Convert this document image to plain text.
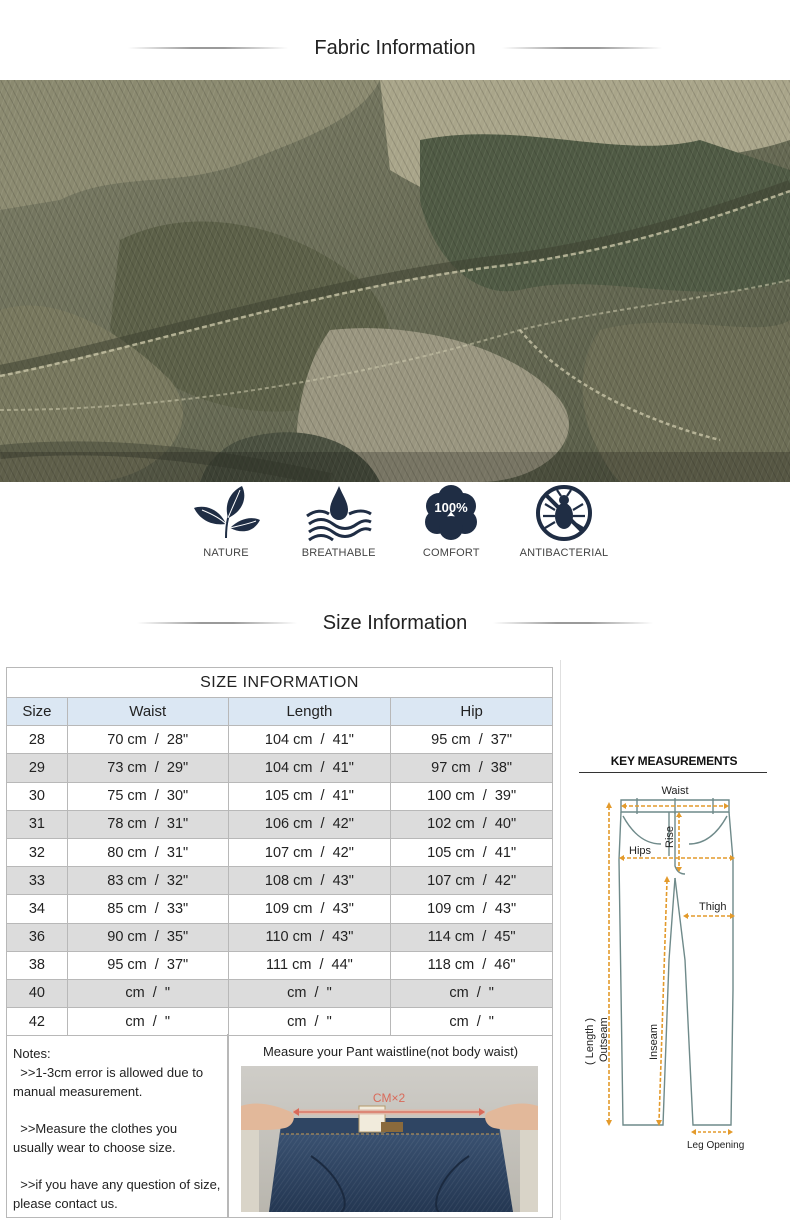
Fabric Information
NATURE	BREATHABLE
100%
COMFORT	ANTIBACTERIAL
Size Information
SIZE INFORMATION			
Size	Waist	Length	Hip
28	70 cm  /  28"	104 cm  /  41"	95 cm  /  37"
29	73 cm  /  29"	104 cm  /  41"	97 cm  /  38"
30	75 cm  /  30"	105 cm  /  41"	100 cm  /  39"
31	78 cm  /  31"	106 cm  /  42"	102 cm  /  40"
32	80 cm  /  31"	107 cm  /  42"	105 cm  /  41"
33	83 cm  /  32"	108 cm  /  43"	107 cm  /  42"
34	85 cm  /  33"	109 cm  /  43"	109 cm  /  43"
36	90 cm  /  35"	110 cm  /  43"	114 cm  /  45"
38	95 cm  /  37"	111 cm  /  44"	118 cm  /  46"
40	cm  /  "	cm  /  "	cm  /  "
42	cm  /  "	cm  /  "	cm  /  "

Notes:

>>1-3cm error is allowed due to manual measurement.

>>Measure the clothes you usually wear to choose size.

>>if you have any question of size, please contact us.

Measure your Pant waistline(not body waist)
CM×2
KEY MEASUREMENTS
Waist
Rise
Hips
Thigh
( Length ) Outseam	Inseam
Leg Opening
